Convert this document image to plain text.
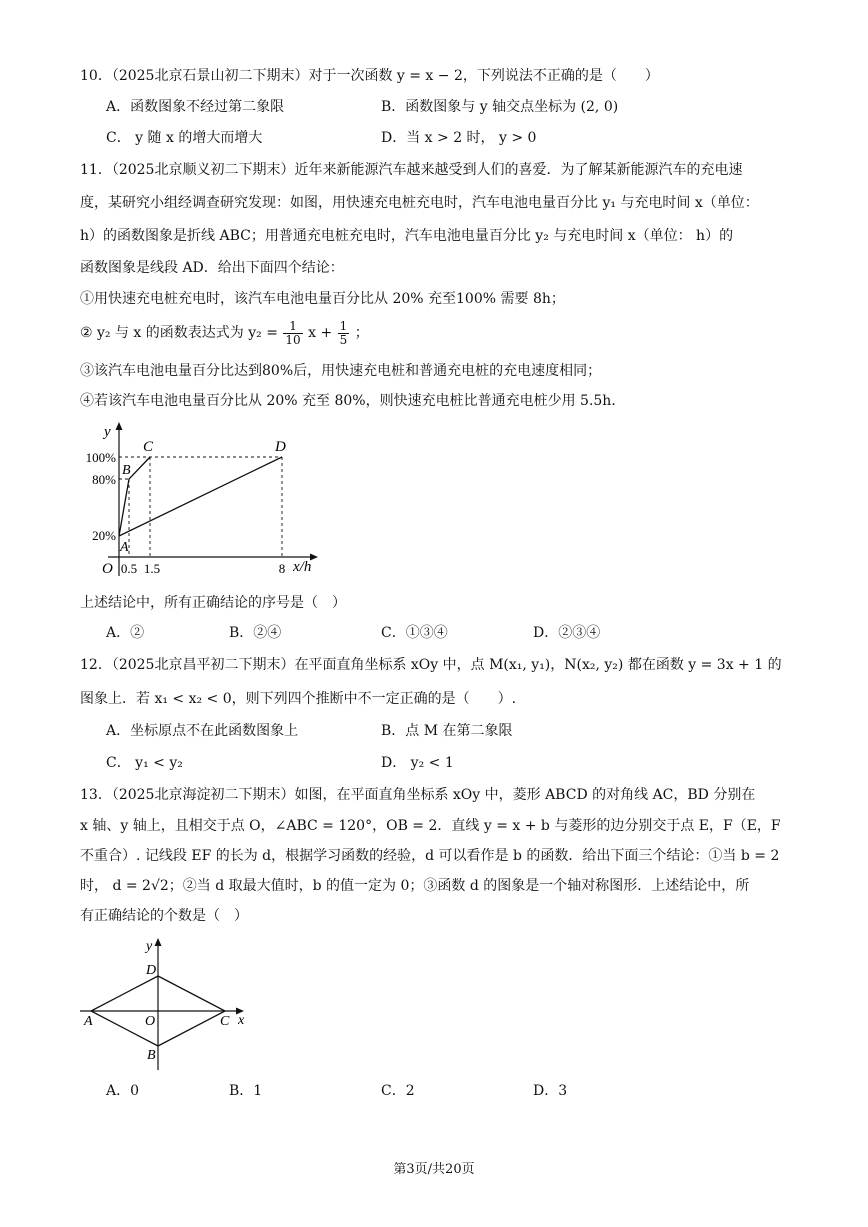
10．（2025北京石景山初二下期末）对于一次函数 y = x − 2，下列说法不正确的是（　　）
A．函数图象不经过第二象限	B．函数图象与 y 轴交点坐标为 (2, 0)
C． y 随 x 的增大而增大	D．当 x > 2 时， y > 0
11．（2025北京顺义初二下期末）近年来新能源汽车越来越受到人们的喜爱．为了解某新能源汽车的充电速
度，某研究小组经调查研究发现：如图，用快速充电桩充电时，汽车电池电量百分比 y₁ 与充电时间 x（单位：
h）的函数图象是折线 ABC；用普通充电桩充电时，汽车电池电量百分比 y₂ 与充电时间 x（单位： h）的
函数图象是线段 AD．给出下面四个结论：
①用快速充电桩充电时，该汽车电池电量百分比从 20% 充至100% 需要 8h；
② y₂ 与 x 的函数表达式为 $y_2 = \frac{1}{10}$ $x + \frac{1}{5}$ ；
③该汽车电池电量百分比达到80%后，用快速充电桩和普通充电桩的充电速度相同；
④若该汽车电池电量百分比从 20% 充至 80%，则快速充电桩比普通充电桩少用 5.5h．
y
x/h
O
100%
80%
20%
0.5 1.5	8
A
B
C	D
上述结论中，所有正确结论的序号是（　）
A．②	B．②④	C．①③④	D．②③④
12．（2025北京昌平初二下期末）在平面直角坐标系 xOy 中，点 M(x₁, y₁)，N(x₂, y₂) 都在函数 y = 3x + 1 的
图象上．若 x₁ < x₂ < 0，则下列四个推断中不一定正确的是（　　）.
A．坐标原点不在此函数图象上	B．点 M 在第二象限
C． y₁ < y₂	D． y₂ < 1
13．（2025北京海淀初二下期末）如图，在平面直角坐标系 xOy 中，菱形 ABCD 的对角线 AC，BD 分别在
x 轴、y 轴上，且相交于点 O，∠ABC = 120°，OB = 2．直线 y = x + b 与菱形的边分别交于点 E，F（E，F
不重合）. 记线段 EF 的长为 d，根据学习函数的经验，d 可以看作是 b 的函数．给出下面三个结论：①当 b = 2
时， d = 2√2；②当 d 取最大值时，b 的值一定为 0；③函数 d 的图象是一个轴对称图形．上述结论中，所
有正确结论的个数是（　）
y
x
D
A	O	C
B
A．0	B．1	C．2	D．3
第3页/共20页
